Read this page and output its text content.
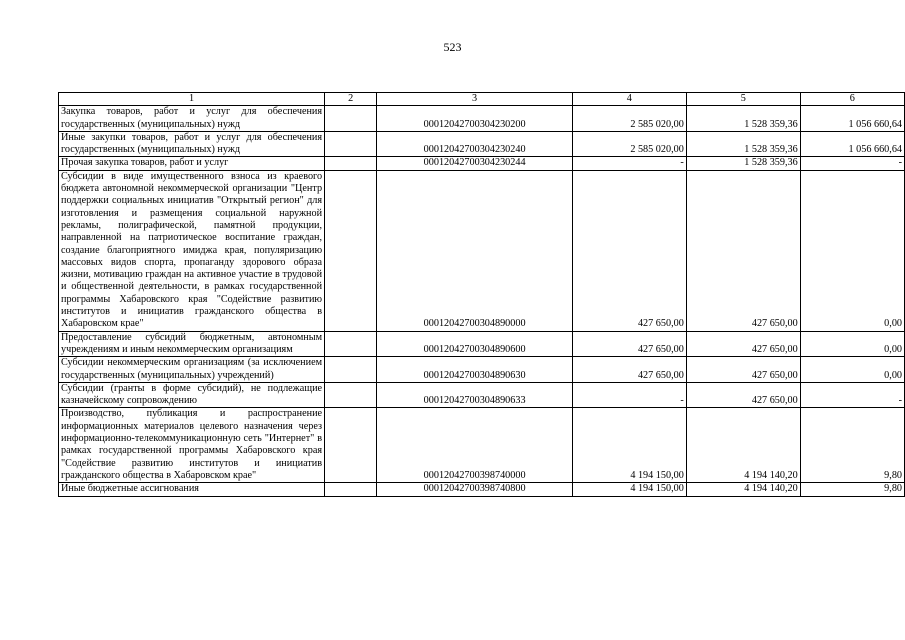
523
1	2	3	4	5	6
Закупка товаров, работ и услуг для обеспечения государственных (муниципальных) нужд		00012042700304230200	2 585 020,00	1 528 359,36	1 056 660,64
Иные закупки товаров, работ и услуг для обеспечения государственных (муниципальных) нужд		00012042700304230240	2 585 020,00	1 528 359,36	1 056 660,64
Прочая закупка товаров, работ и услуг		00012042700304230244	-	1 528 359,36	-
Субсидии в виде имущественного взноса из краевого бюджета автономной некоммерческой организации "Центр поддержки социальных инициатив "Открытый регион" для изготовления и размещения социальной наружной рекламы, полиграфической, памятной продукции, направленной на патриотическое воспитание граждан, создание благоприятного имиджа края, популяризацию массовых видов спорта, пропаганду здорового образа жизни, мотивацию граждан на активное участие в трудовой и общественной деятельности, в рамках государственной программы Хабаровского края "Содействие развитию институтов и инициатив гражданского общества в Хабаровском крае"		00012042700304890000	427 650,00	427 650,00	0,00
Предоставление субсидий бюджетным, автономным учреждениям и иным некоммерческим организациям		00012042700304890600	427 650,00	427 650,00	0,00
Субсидии некоммерческим организациям (за исключением государственных (муниципальных) учреждений)		00012042700304890630	427 650,00	427 650,00	0,00
Субсидии (гранты в форме субсидий), не подлежащие казначейскому сопровождению		00012042700304890633	-	427 650,00	-
Производство, публикация и распространение информационных материалов целевого назначения через информационно-телекоммуникационную сеть "Интернет" в рамках государственной программы Хабаровского края "Содействие развитию институтов и инициатив гражданского общества в Хабаровском крае"		00012042700398740000	4 194 150,00	4 194 140,20	9,80
Иные бюджетные ассигнования		00012042700398740800	4 194 150,00	4 194 140,20	9,80
